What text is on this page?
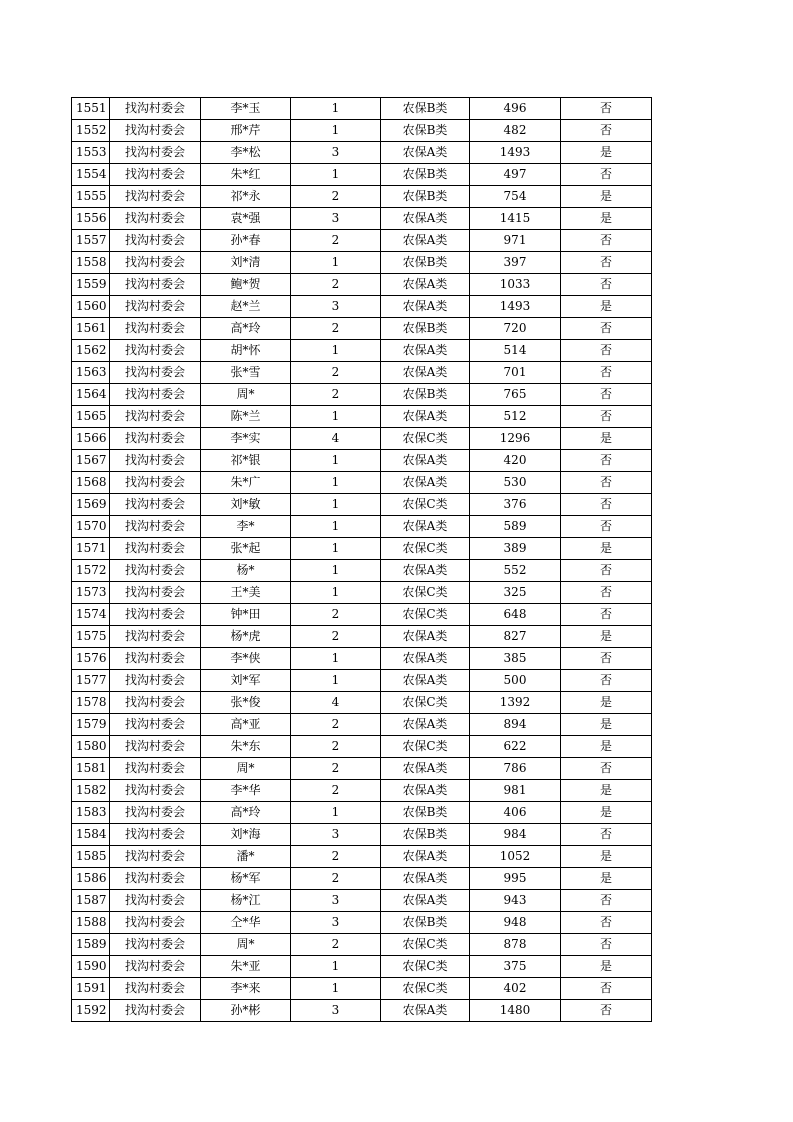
1551	找沟村委会	李*玉	1	农保B类	496	否
1552	找沟村委会	邢*芹	1	农保B类	482	否
1553	找沟村委会	李*松	3	农保A类	1493	是
1554	找沟村委会	朱*红	1	农保B类	497	否
1555	找沟村委会	祁*永	2	农保B类	754	是
1556	找沟村委会	袁*强	3	农保A类	1415	是
1557	找沟村委会	孙*春	2	农保A类	971	否
1558	找沟村委会	刘*清	1	农保B类	397	否
1559	找沟村委会	鲍*贺	2	农保A类	1033	否
1560	找沟村委会	赵*兰	3	农保A类	1493	是
1561	找沟村委会	高*玲	2	农保B类	720	否
1562	找沟村委会	胡*怀	1	农保A类	514	否
1563	找沟村委会	张*雪	2	农保A类	701	否
1564	找沟村委会	周*	2	农保B类	765	否
1565	找沟村委会	陈*兰	1	农保A类	512	否
1566	找沟村委会	李*实	4	农保C类	1296	是
1567	找沟村委会	祁*银	1	农保A类	420	否
1568	找沟村委会	朱*广	1	农保A类	530	否
1569	找沟村委会	刘*敏	1	农保C类	376	否
1570	找沟村委会	李*	1	农保A类	589	否
1571	找沟村委会	张*起	1	农保C类	389	是
1572	找沟村委会	杨*	1	农保A类	552	否
1573	找沟村委会	王*美	1	农保C类	325	否
1574	找沟村委会	钟*田	2	农保C类	648	否
1575	找沟村委会	杨*虎	2	农保A类	827	是
1576	找沟村委会	李*侠	1	农保A类	385	否
1577	找沟村委会	刘*军	1	农保A类	500	否
1578	找沟村委会	张*俊	4	农保C类	1392	是
1579	找沟村委会	高*亚	2	农保A类	894	是
1580	找沟村委会	朱*东	2	农保C类	622	是
1581	找沟村委会	周*	2	农保A类	786	否
1582	找沟村委会	李*华	2	农保A类	981	是
1583	找沟村委会	高*玲	1	农保B类	406	是
1584	找沟村委会	刘*海	3	农保B类	984	否
1585	找沟村委会	潘*	2	农保A类	1052	是
1586	找沟村委会	杨*军	2	农保A类	995	是
1587	找沟村委会	杨*江	3	农保A类	943	否
1588	找沟村委会	仝*华	3	农保B类	948	否
1589	找沟村委会	周*	2	农保C类	878	否
1590	找沟村委会	朱*亚	1	农保C类	375	是
1591	找沟村委会	李*来	1	农保C类	402	否
1592	找沟村委会	孙*彬	3	农保A类	1480	否
